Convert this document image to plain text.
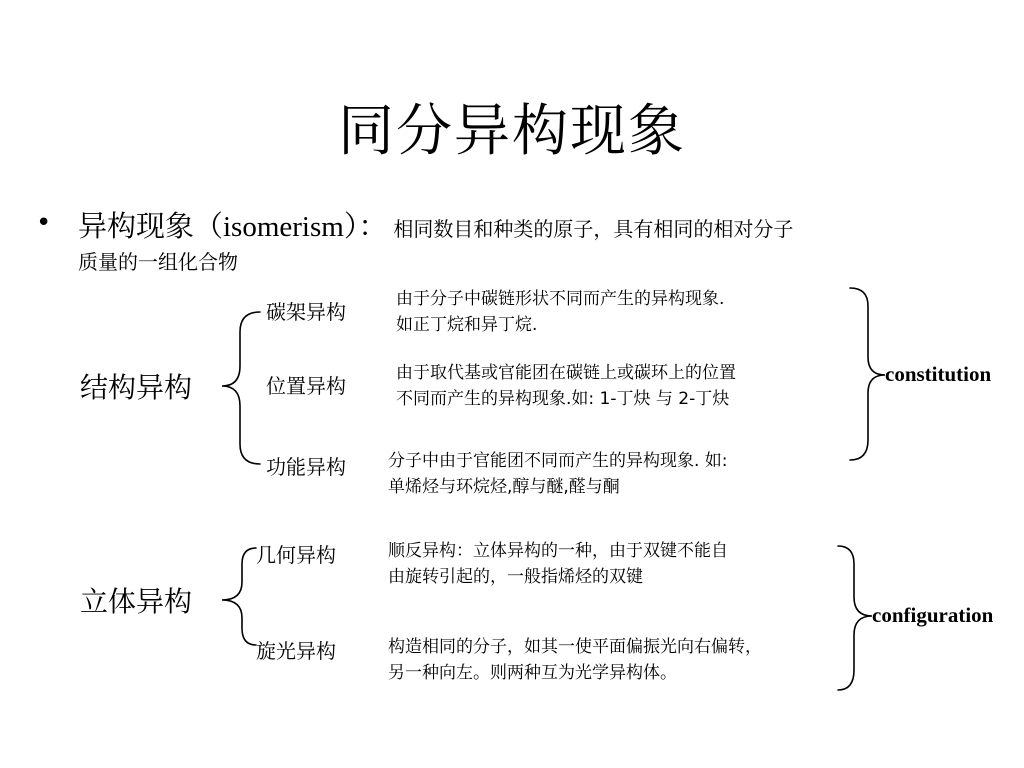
同分异构现象
• 异构现象（isomerism）： 相同数目和种类的原子，具有相同的相对分子
质量的一组化合物
结构异构
碳架异构
由于分子中碳链形状不同而产生的异构现象.
如正丁烷和异丁烷.
位置异构
由于取代基或官能团在碳链上或碳环上的位置
不同而产生的异构现象.如: 1-丁炔 与 2-丁炔
功能异构 分子中由于官能团不同而产生的异构现象. 如:
单烯烃与环烷烃,醇与醚,醛与酮
constitution
立体异构
几何异构	顺反异构：立体异构的一种，由于双键不能自
由旋转引起的，一般指烯烃的双键
旋光异构	构造相同的分子，如其一使平面偏振光向右偏转，
另一种向左。则两种互为光学异构体。
configuration
